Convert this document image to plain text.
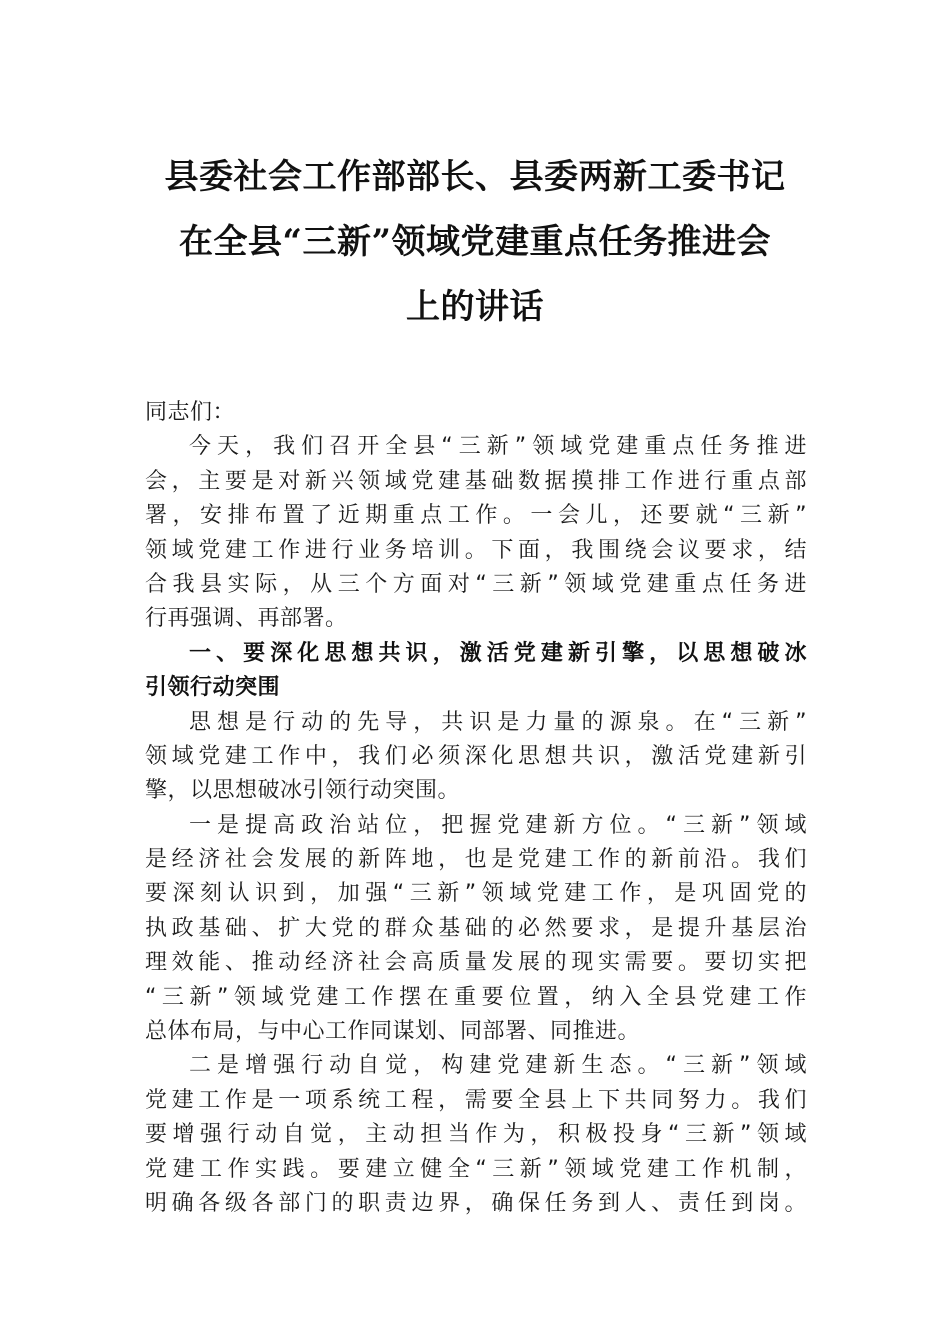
县委社会工作部部长、县委两新工委书记
在全县“三新”领域党建重点任务推进会
上的讲话
同志们：
今天，我们召开全县“三新”领域党建重点任务推进
会，主要是对新兴领域党建基础数据摸排工作进行重点部
署，安排布置了近期重点工作。一会儿，还要就“三新”
领域党建工作进行业务培训。下面，我围绕会议要求，结
合我县实际，从三个方面对“三新”领域党建重点任务进
行再强调、再部署。
一、要深化思想共识，激活党建新引擎，以思想破冰
引领行动突围
思想是行动的先导，共识是力量的源泉。在“三新”
领域党建工作中，我们必须深化思想共识，激活党建新引
擎，以思想破冰引领行动突围。
一是提高政治站位，把握党建新方位。“三新”领域
是经济社会发展的新阵地，也是党建工作的新前沿。我们
要深刻认识到，加强“三新”领域党建工作，是巩固党的
执政基础、扩大党的群众基础的必然要求，是提升基层治
理效能、推动经济社会高质量发展的现实需要。要切实把
“三新”领域党建工作摆在重要位置，纳入全县党建工作
总体布局，与中心工作同谋划、同部署、同推进。
二是增强行动自觉，构建党建新生态。“三新”领域
党建工作是一项系统工程，需要全县上下共同努力。我们
要增强行动自觉，主动担当作为，积极投身“三新”领域
党建工作实践。要建立健全“三新”领域党建工作机制，
明确各级各部门的职责边界，确保任务到人、责任到岗。
